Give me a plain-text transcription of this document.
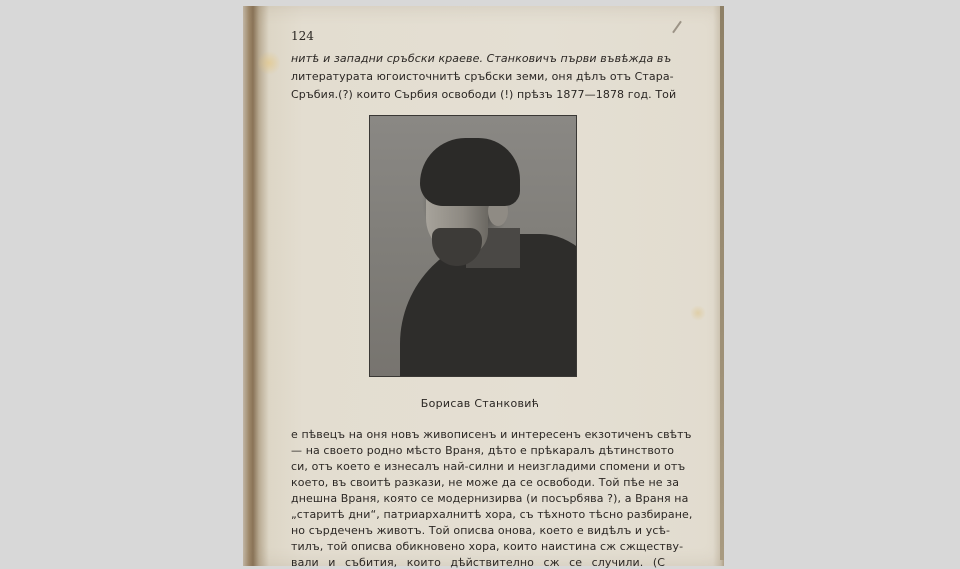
124
нитѣ и западни сръбски краеве. Станковичъ първи въвѣжда въ
литературата югоисточнитѣ сръбски земи, оня дѣлъ отъ Стара-
Сръбия.(?) които Сърбия освободи (!) прѣзъ 1877—1878 год. Той
Борисав Станковић
е пѣвецъ на оня новъ живописенъ и интересенъ екзотиченъ свѣтъ
— на своето родно мѣсто Враня, дѣто е прѣкаралъ дѣтинството
си, отъ което е изнесалъ най-силни и неизгладими спомени и отъ
което, въ своитѣ разкази, не може да се освободи. Той пѣе не за
днешна Враня, която се модернизирва (и посърбява ?), а Враня на
„старитѣ дни“, патриархалнитѣ хора, съ тѣхното тѣсно разбиране,
но сърдеченъ животъ. Той описва онова, което е видѣлъ и усѣ-
тилъ, той описва обикновено хора, които наистина сж сжществу-
вали и събития, които дѣйствително сж се случили. (С
